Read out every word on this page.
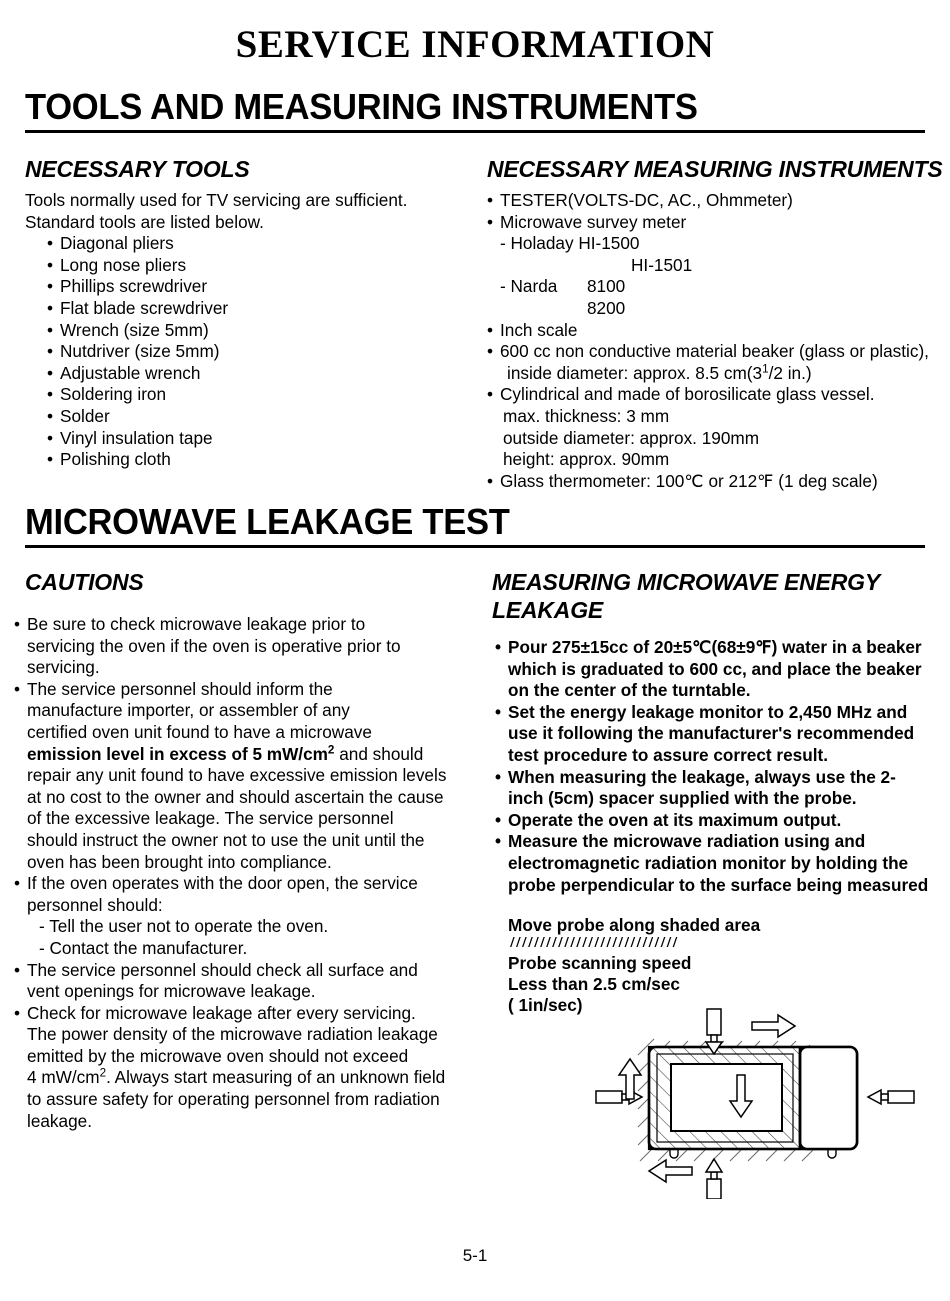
SERVICE INFORMATION
TOOLS AND MEASURING INSTRUMENTS
NECESSARY TOOLS
Tools normally used for TV servicing are sufficient.
Standard tools are listed below.
• Diagonal pliers
• Long nose pliers
• Phillips screwdriver
• Flat blade screwdriver
• Wrench (size 5mm)
• Nutdriver (size 5mm)
• Adjustable wrench
• Soldering iron
• Solder
• Vinyl insulation tape
• Polishing cloth
NECESSARY MEASURING INSTRUMENTS
• TESTER(VOLTS-DC, AC., Ohmmeter)
• Microwave survey meter
- Holaday HI-1500
HI-1501
- Narda 8100
8200
• Inch scale
• 600 cc non conductive material beaker (glass or plastic),
inside diameter: approx. 8.5 $cm(3^1/2$ in.)
• Cylindrical and made of borosilicate glass vessel.
max. thickness: 3 mm
outside diameter: approx. 190mm
height: approx. 90mm
• Glass thermometer: 100℃ or 212℉ (1 deg scale)
MICROWAVE LEAKAGE TEST
CAUTIONS
• Be sure to check microwave leakage prior to
servicing the oven if the oven is operative prior to
servicing.
• The service personnel should inform the
manufacture importer, or assembler of any
certified oven unit found to have a microwave
emission level in excess of 5 $mW/cm^2$ and should
repair any unit found to have excessive emission levels
at no cost to the owner and should ascertain the cause
of the excessive leakage. The service personnel
should instruct the owner not to use the unit until the
oven has been brought into compliance.
• If the oven operates with the door open, the service
personnel should:
- Tell the user not to operate the oven.
- Contact the manufacturer.
• The service personnel should check all surface and
vent openings for microwave leakage.
• Check for microwave leakage after every servicing.
The power density of the microwave radiation leakage
emitted by the microwave oven should not exceed
4 $mW/cm^2$. Always start measuring of an unknown field
to assure safety for operating personnel from radiation
leakage.
MEASURING MICROWAVE ENERGY
LEAKAGE
• Pour 275±15cc of 20±5℃(68±9℉) water in a beaker
which is graduated to 600 cc, and place the beaker
on the center of the turntable.
• Set the energy leakage monitor to 2,450 MHz and
use it following the manufacturer's recommended
test procedure to assure correct result.
• When measuring the leakage, always use the 2-
inch (5cm) spacer supplied with the probe.
• Operate the oven at its maximum output.
• Measure the microwave radiation using and
electromagnetic radiation monitor by holding the
probe perpendicular to the surface being measured
Move probe along shaded area
////////////////////////////
Probe scanning speed
Less than 2.5 cm/sec
( 1in/sec)
5-1
